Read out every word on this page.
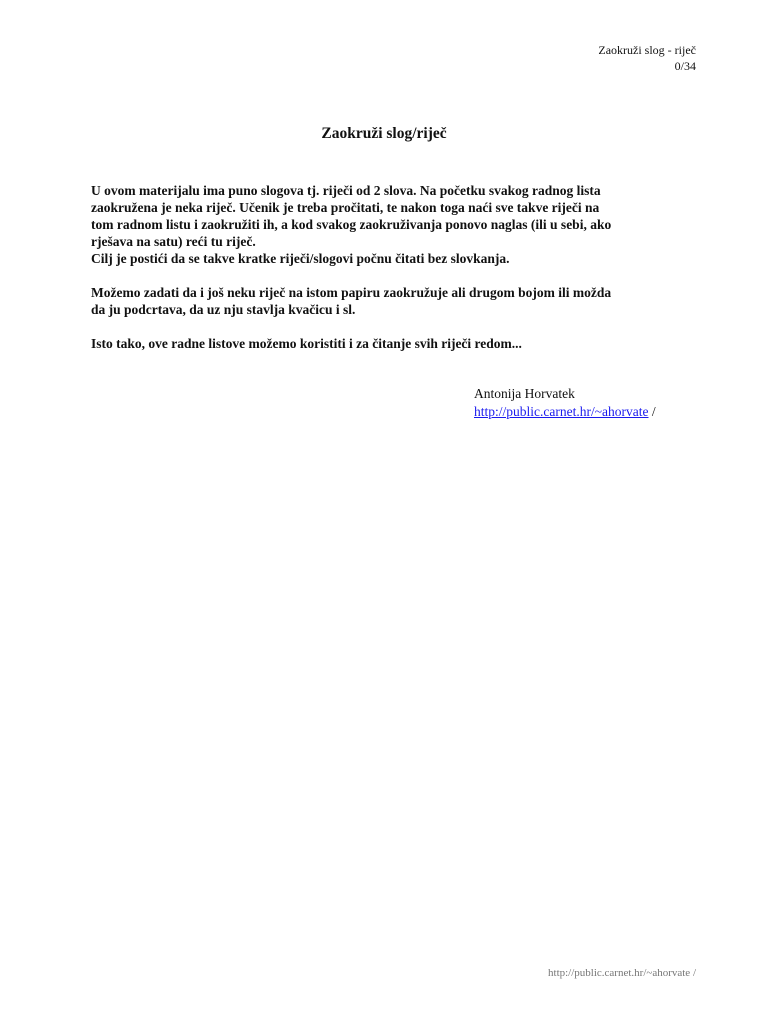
Zaokruži slog - riječ
0/34
Zaokruži slog/riječ

U ovom materijalu ima puno slogova tj. riječi od 2 slova. Na početku svakog radnog lista
zaokružena je neka riječ. Učenik je treba pročitati, te nakon toga naći sve takve riječi na
tom radnom listu i zaokružiti ih, a kod svakog zaokruživanja ponovo naglas (ili u sebi, ako
rješava na satu) reći tu riječ.
Cilj je postići da se takve kratke riječi/slogovi počnu čitati bez slovkanja.

Možemo zadati da i još neku riječ na istom papiru zaokružuje ali drugom bojom ili možda
da ju podcrtava, da uz nju stavlja kvačicu i sl.

Isto tako, ove radne listove možemo koristiti i za čitanje svih riječi redom...

Antonija Horvatek
http://public.carnet.hr/~ahorvate /
http://public.carnet.hr/~ahorvate /
